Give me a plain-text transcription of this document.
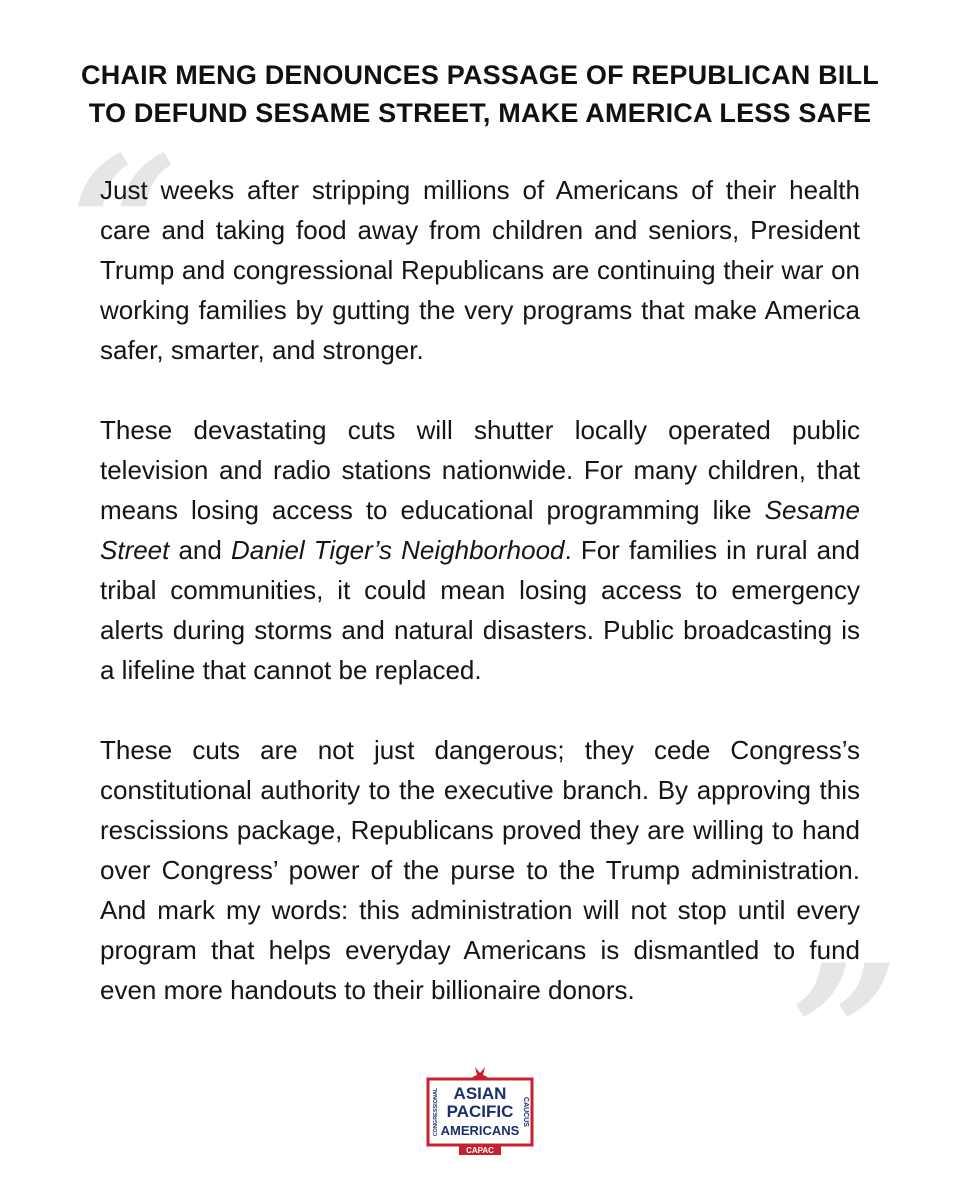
CHAIR MENG DENOUNCES PASSAGE OF REPUBLICAN BILL
TO DEFUND SESAME STREET, MAKE AMERICA LESS SAFE
“
”

Just weeks after stripping millions of Americans of their health care and taking food away from children and seniors, President Trump and congressional Republicans are continuing their war on working families by gutting the very programs that make America safer, smarter, and stronger.

These devastating cuts will shutter locally operated public television and radio stations nationwide. For many children, that means losing access to educational programming like Sesame Street and Daniel Tiger’s Neighborhood. For families in rural and tribal communities, it could mean losing access to emergency alerts during storms and natural disasters. Public broadcasting is a lifeline that cannot be replaced.

These cuts are not just dangerous; they cede Congress’s constitutional authority to the executive branch. By approving this rescissions package, Republicans proved they are willing to hand over Congress’ power of the purse to the Trump administration. And mark my words: this administration will not stop until every program that helps everyday Americans is dismantled to fund even more handouts to their billionaire donors.

CONGRESSIONAL	CAUCUS
ASIAN
PACIFIC
AMERICANS
CAPAC
